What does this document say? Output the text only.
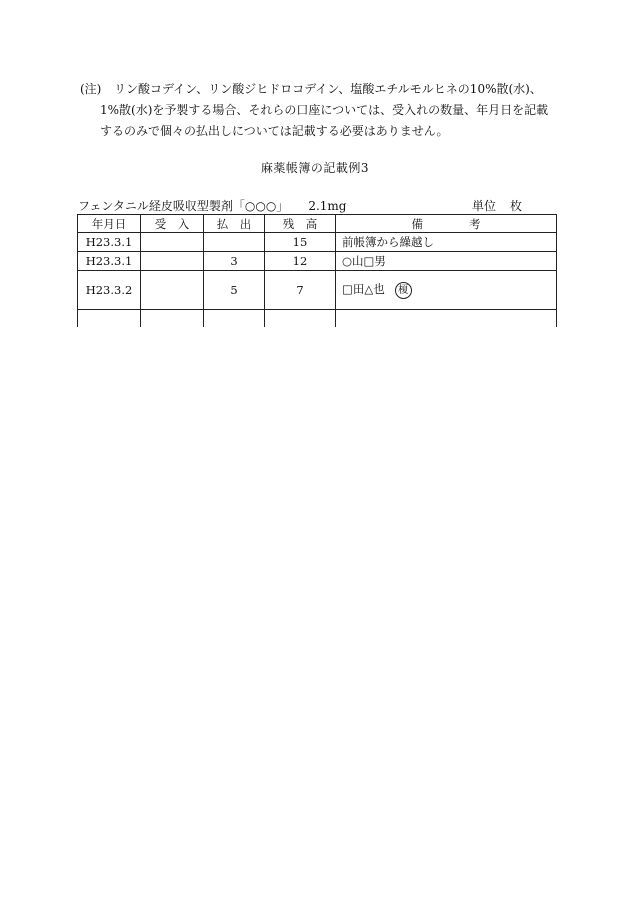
(注) リン酸コデイン、リン酸ジヒドロコデイン、塩酸エチルモルヒネの10%散(水)、
1%散(水)を予製する場合、それらの口座については、受入れの数量、年月日を記載
するのみで個々の払出しについては記載する必要はありません。
麻薬帳簿の記載例3
フェンタニル経皮吸収型製剤「○○○」 2.1mg	単位 枚
年月日	受　入	払　出	残　高	備　　　　考
H23.3.1			15	前帳簿から繰越し
H23.3.1		3	12	○山□男
H23.3.2		5	7	□田△也 榎
